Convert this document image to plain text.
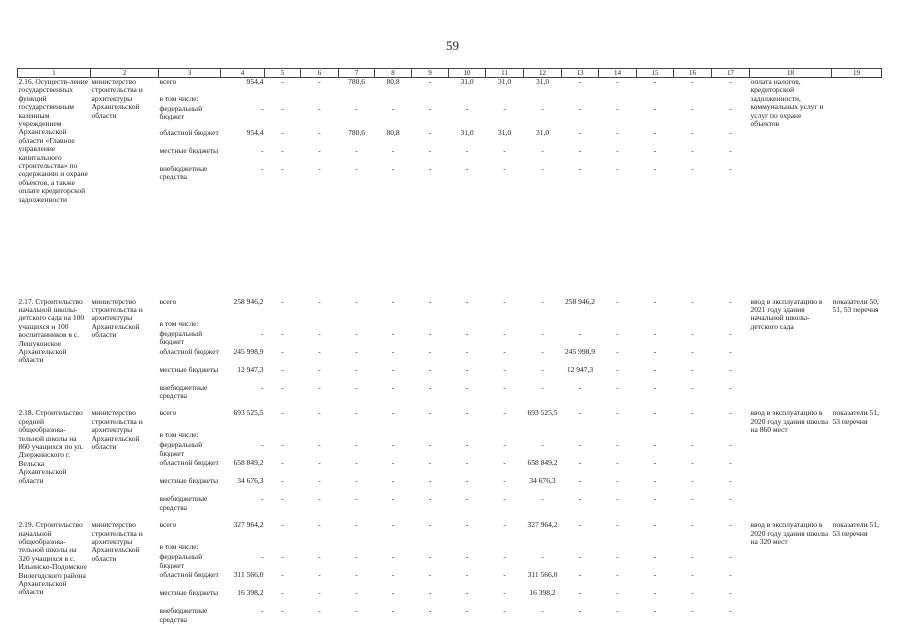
59
1	2	3	4	5	6	7	8	9	10	11	12	13	14	15	16	17	18	19
2.16. Осуществ-ление государственных функций государственным казенным учреждением Архангельской области «Главное управление капитального строительства» по содержанию и охране объектов, а также оплате кредиторской задолженности	министерство строительства и архитектуры Архангельской области	всего	954,4	-	-	780,6	80,8	-	31,0	31,0	31,0	-	-	-	-	-	оплата налогов, кредиторской задолженности, коммунальных услуг и услуг по охране объектов	
		в том числе:																
		федеральный бюджет	-	-	-	-	-	-	-	-	-	-	-	-	-	-		
		областной бюджет	954,4	-	-	780,6	80,8	-	31,0	31,0	31,0	-	-	-	-	-		
		местные бюджеты	-	-	-	-	-	-	-	-	-	-	-	-	-	-		
		внебюджетные средства	-	-	-	-	-	-	-	-	-	-	-	-	-	-		

2.17. Строительство начальной школы-детского сада на 100 учащихся и 100 воспитанников в с. Лешуконское Архангельской области	министерство строительства и архитектуры Архангельской области	всего	258 946,2	-	-	-	-	-	-	-	-	258 946,2	-	-	-	-	ввод в эксплуатацию в 2021 году здания начальной школы-детского сада	показатели 50, 51, 53 перечня
		в том числе:																
		федеральный бюджет	-	-	-	-	-	-	-	-	-	-	-	-	-	-		
		областной бюджет	245 998,9	-	-	-	-	-	-	-	-	245 998,9	-	-	-	-		
		местные бюджеты	12 947,3	-	-	-	-	-	-	-	-	12 947,3	-	-	-	-		
		внебюджетные средства	-	-	-	-	-	-	-	-	-	-	-	-	-	-		

2.18. Строительство средней общеобразова-тельной школы на 860 учащихся по ул. Дзержинского г. Вельска Архангельской области	министерство строительства и архитектуры Архангельской области	всего	693 525,5	-	-	-	-	-	-	-	693 525,5	-	-	-	-	-	ввод в эксплуатацию в 2020 году здания школы на 860 мест	показатели 51, 53 перечня
		в том числе:																
		федеральный бюджет	-	-	-	-	-	-	-	-	-	-	-	-	-	-		
		областной бюджет	658 849,2	-	-	-	-	-	-	-	658 849,2	-	-	-	-	-		
		местные бюджеты	34 676,3	-	-	-	-	-	-	-	34 676,3	-	-	-	-	-		
		внебюджетные средства	-	-	-	-	-	-	-	-	-	-	-	-	-	-		

2.19. Строительство начальной общеобразова-тельной школы на 320 учащихся в с. Ильинско-Подомское Вилегодского района Архангельской области	министерство строительства и архитектуры Архангельской области	всего	327 964,2	-	-	-	-	-	-	-	327 964,2	-	-	-	-	-	ввод в эксплуатацию в 2020 году здания школы на 320 мест	показатели 51, 53 перечня
		в том числе:																
		федеральный бюджет	-	-	-	-	-	-	-	-	-	-	-	-	-	-		
		областной бюджет	311 566,0	-	-	-	-	-	-	-	311 566,0	-	-	-	-	-		
		местные бюджеты	16 398,2	-	-	-	-	-	-	-	16 398,2	-	-	-	-	-		
		внебюджетные средства	-	-	-	-	-	-	-	-	-	-	-	-	-	-		
